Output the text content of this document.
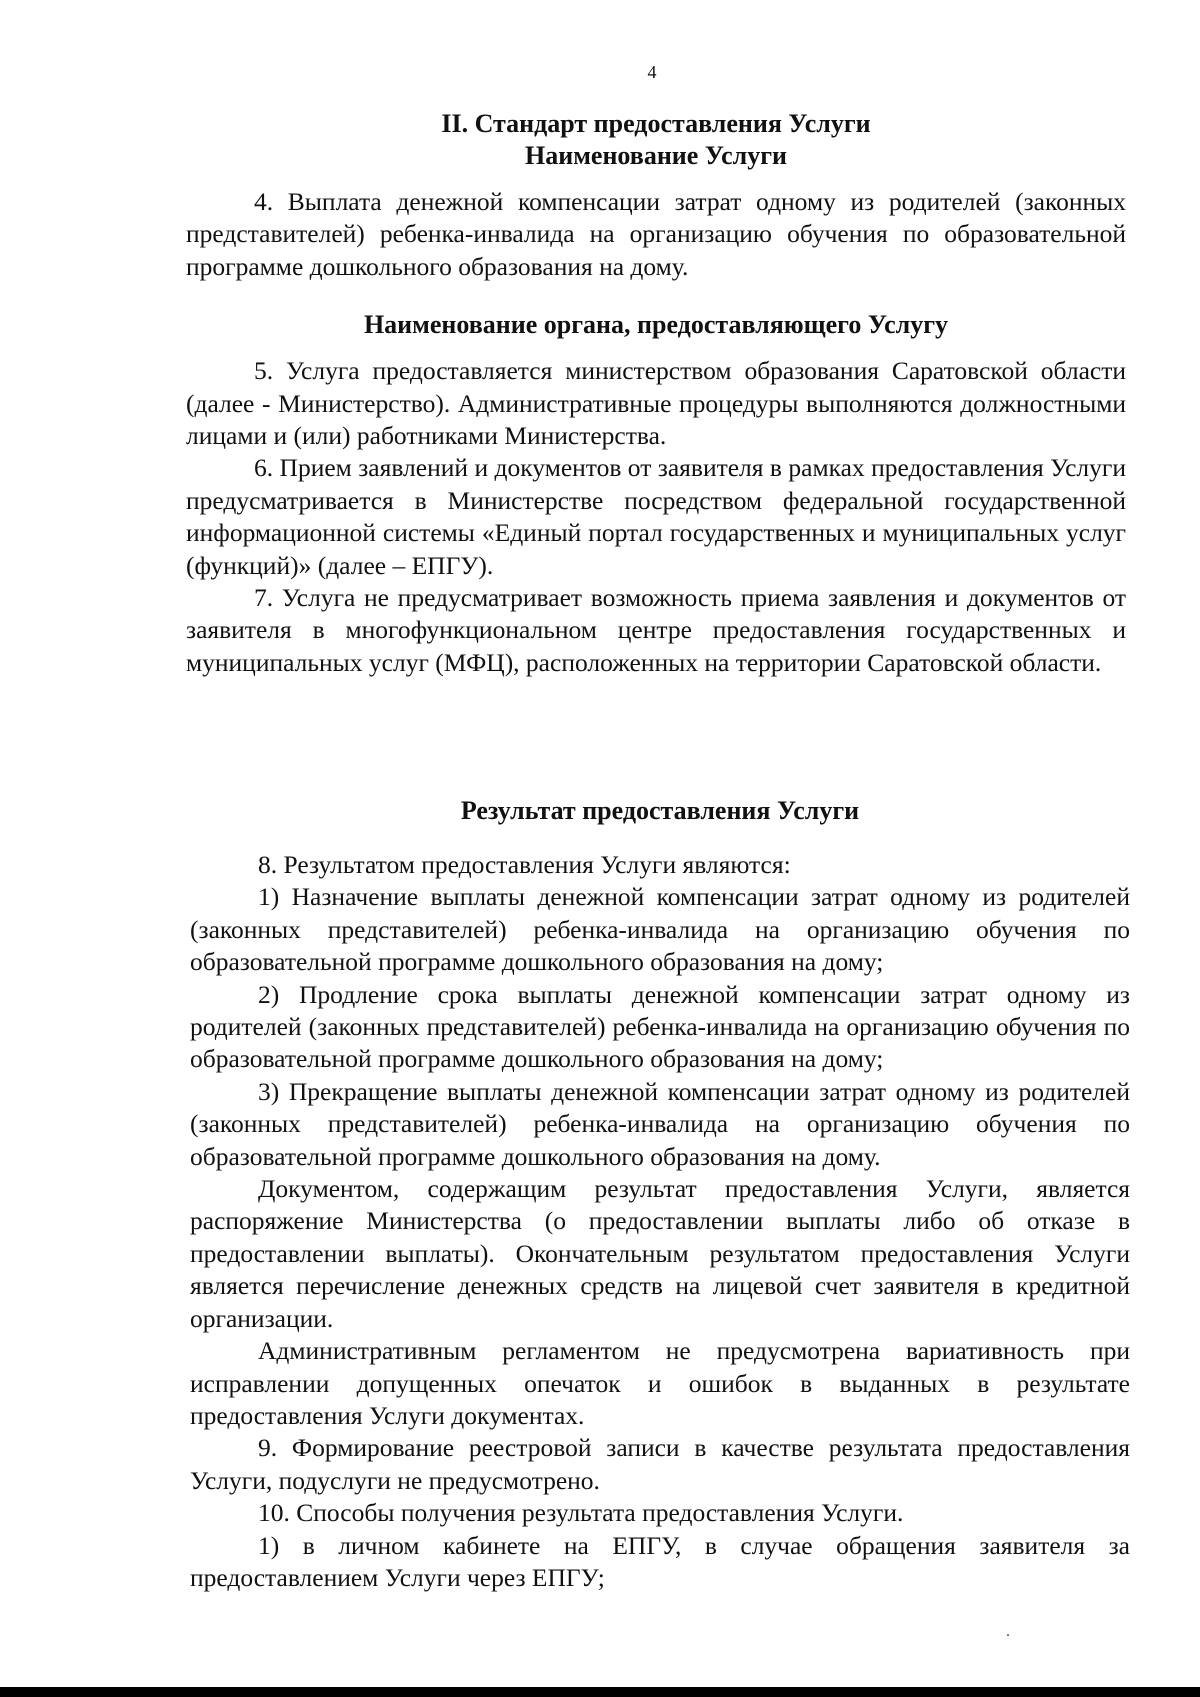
4

II. Стандарт предоставления Услуги

Наименование Услуги

4. Выплата денежной компенсации затрат одному из родителей (законных представителей) ребенка-инвалида на организацию обучения по образовательной программе дошкольного образования на дому.

Наименование органа, предоставляющего Услугу

5. Услуга предоставляется министерством образования Саратовской области (далее - Министерство). Административные процедуры выполняются должностными лицами и (или) работниками Министерства.

6. Прием заявлений и документов от заявителя в рамках предоставления Услуги предусматривается в Министерстве посредством федеральной государственной информационной системы «Единый портал государственных и муниципальных услуг (функций)» (далее – ЕПГУ).

7. Услуга не предусматривает возможность приема заявления и документов от заявителя в многофункциональном центре предоставления государственных и муниципальных услуг (МФЦ), расположенных на территории Саратовской области.

Результат предоставления Услуги

8. Результатом предоставления Услуги являются:

1) Назначение выплаты денежной компенсации затрат одному из родителей (законных представителей) ребенка-инвалида на организацию обучения по образовательной программе дошкольного образования на дому;

2) Продление срока выплаты денежной компенсации затрат одному из родителей (законных представителей) ребенка-инвалида на организацию обучения по образовательной программе дошкольного образования на дому;

3) Прекращение выплаты денежной компенсации затрат одному из родителей (законных представителей) ребенка-инвалида на организацию обучения по образовательной программе дошкольного образования на дому.

Документом, содержащим результат предоставления Услуги, является распоряжение Министерства (о предоставлении выплаты либо об отказе в предоставлении выплаты). Окончательным результатом предоставления Услуги является перечисление денежных средств на лицевой счет заявителя в кредитной организации.

Административным регламентом не предусмотрена вариативность при исправлении допущенных опечаток и ошибок в выданных в результате предоставления Услуги документах.

9. Формирование реестровой записи в качестве результата предоставления Услуги, подуслуги не предусмотрено.

10. Способы получения результата предоставления Услуги.

1) в личном кабинете на ЕПГУ, в случае обращения заявителя за предоставлением Услуги через ЕПГУ;
